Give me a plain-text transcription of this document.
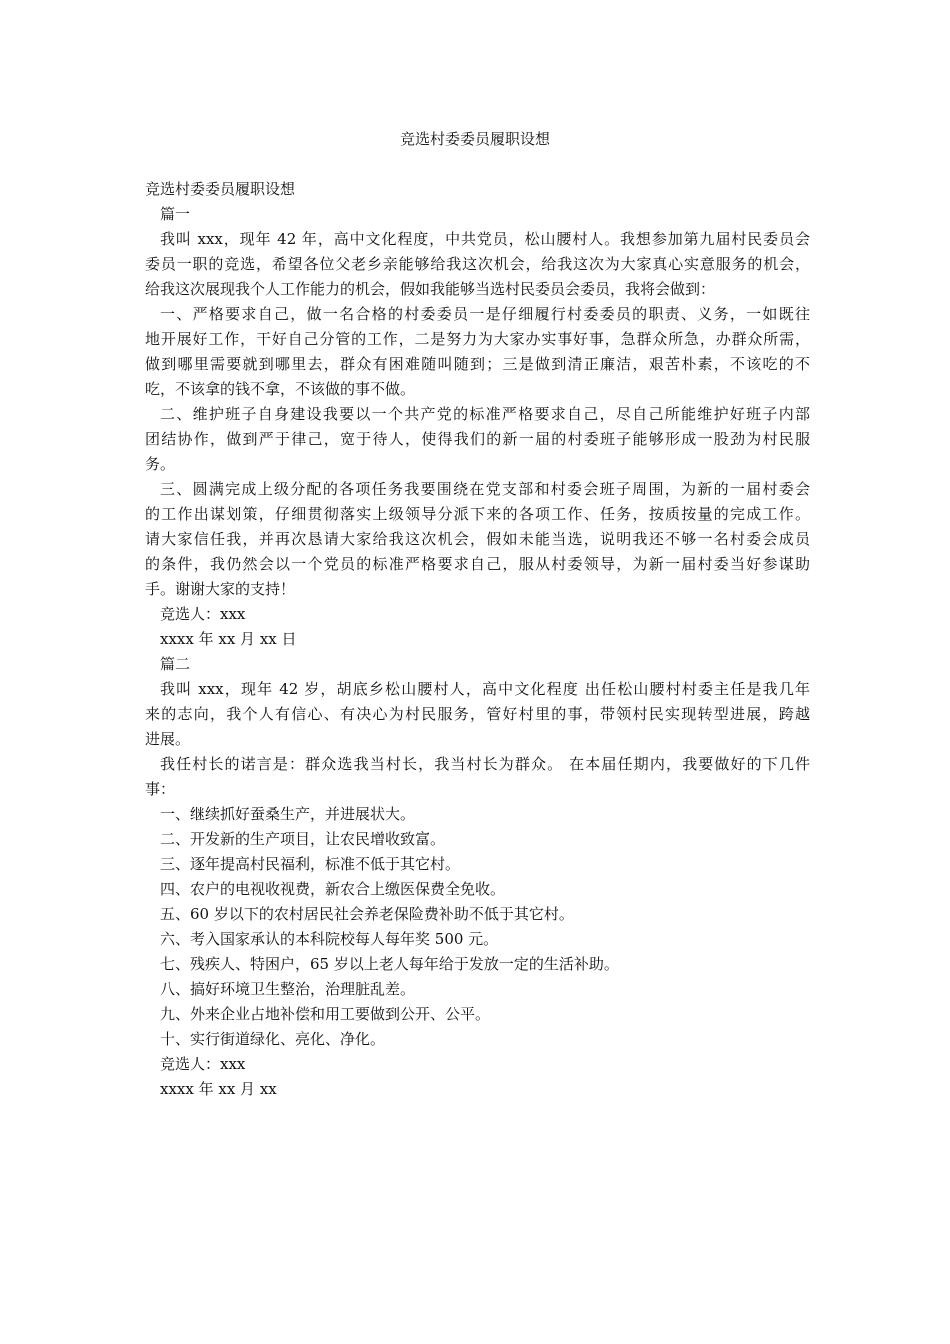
竞选村委委员履职设想
竞选村委委员履职设想
篇一
我叫 xxx，现年 42 年，高中文化程度，中共党员，松山腰村人。我想参加第九届村民委员会
委员一职的竞选，希望各位父老乡亲能够给我这次机会，给我这次为大家真心实意服务的机会，
给我这次展现我个人工作能力的机会，假如我能够当选村民委员会委员，我将会做到：
一、严格要求自己，做一名合格的村委委员一是仔细履行村委委员的职责、义务，一如既往
地开展好工作，干好自己分管的工作，二是努力为大家办实事好事，急群众所急，办群众所需，
做到哪里需要就到哪里去，群众有困难随叫随到；三是做到清正廉洁，艰苦朴素，不该吃的不
吃，不该拿的钱不拿，不该做的事不做。
二、维护班子自身建设我要以一个共产党的标准严格要求自己，尽自己所能维护好班子内部
团结协作，做到严于律己，宽于待人，使得我们的新一届的村委班子能够形成一股劲为村民服
务。
三、圆满完成上级分配的各项任务我要围绕在党支部和村委会班子周围，为新的一届村委会
的工作出谋划策，仔细贯彻落实上级领导分派下来的各项工作、任务，按质按量的完成工作。
请大家信任我，并再次恳请大家给我这次机会，假如未能当选，说明我还不够一名村委会成员
的条件，我仍然会以一个党员的标准严格要求自己，服从村委领导，为新一届村委当好参谋助
手。谢谢大家的支持！
竞选人：xxx
xxxx 年 xx 月 xx 日
篇二
我叫 xxx，现年 42 岁，胡底乡松山腰村人，高中文化程度 出任松山腰村村委主任是我几年
来的志向，我个人有信心、有决心为村民服务，管好村里的事，带领村民实现转型进展，跨越
进展。
我任村长的诺言是：群众选我当村长，我当村长为群众。 在本届任期内，我要做好的下几件
事：
一、继续抓好蚕桑生产，并进展状大。
二、开发新的生产项目，让农民增收致富。
三、逐年提高村民福利，标准不低于其它村。
四、农户的电视收视费，新农合上缴医保费全免收。
五、60 岁以下的农村居民社会养老保险费补助不低于其它村。
六、考入国家承认的本科院校每人每年奖 500 元。
七、残疾人、特困户，65 岁以上老人每年给于发放一定的生活补助。
八、搞好环境卫生整治，治理脏乱差。
九、外来企业占地补偿和用工要做到公开、公平。
十、实行街道绿化、亮化、净化。
竞选人：xxx
xxxx 年 xx 月 xx
